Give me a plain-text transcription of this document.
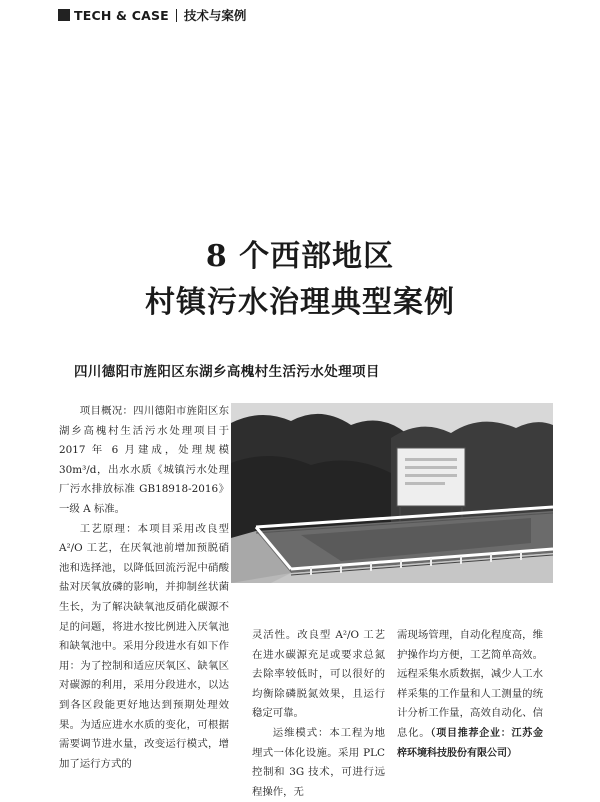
TECH & CASE 技术与案例
8 个西部地区
村镇污水治理典型案例
四川德阳市旌阳区东湖乡高槐村生活污水处理项目

项目概况：四川德阳市旌阳区东湖乡高槐村生活污水处理项目于 2017 年 6 月建成，处理规模 30m³/d，出水水质《城镇污水处理厂污水排放标准 GB18918-2016》一级 A 标准。

工艺原理：本项目采用改良型 A²/O 工艺，在厌氧池前增加预脱硝池和选择池，以降低回流污泥中硝酸盐对厌氧放磷的影响，并抑制丝状菌生长，为了解决缺氧池反硝化碳源不足的问题，将进水按比例进入厌氧池和缺氧池中。采用分段进水有如下作用：为了控制和适应厌氧区、缺氧区对碳源的利用，采用分段进水，以达到各区段能更好地达到预期处理效果。为适应进水水质的变化，可根据需要调节进水量，改变运行模式，增加了运行方式的

灵活性。改良型 A²/O 工艺在进水碳源充足或要求总氮去除率较低时，可以很好的均衡除磷脱氮效果，且运行稳定可靠。

运维模式：本工程为地埋式一体化设施。采用 PLC 控制和 3G 技术，可进行远程操作，无

需现场管理，自动化程度高，维护操作均方便，工艺简单高效。远程采集水质数据，减少人工水样采集的工作量和人工测量的统计分析工作量，高效自动化、信息化。（项目推荐企业：江苏金梓环境科技股份有限公司）
